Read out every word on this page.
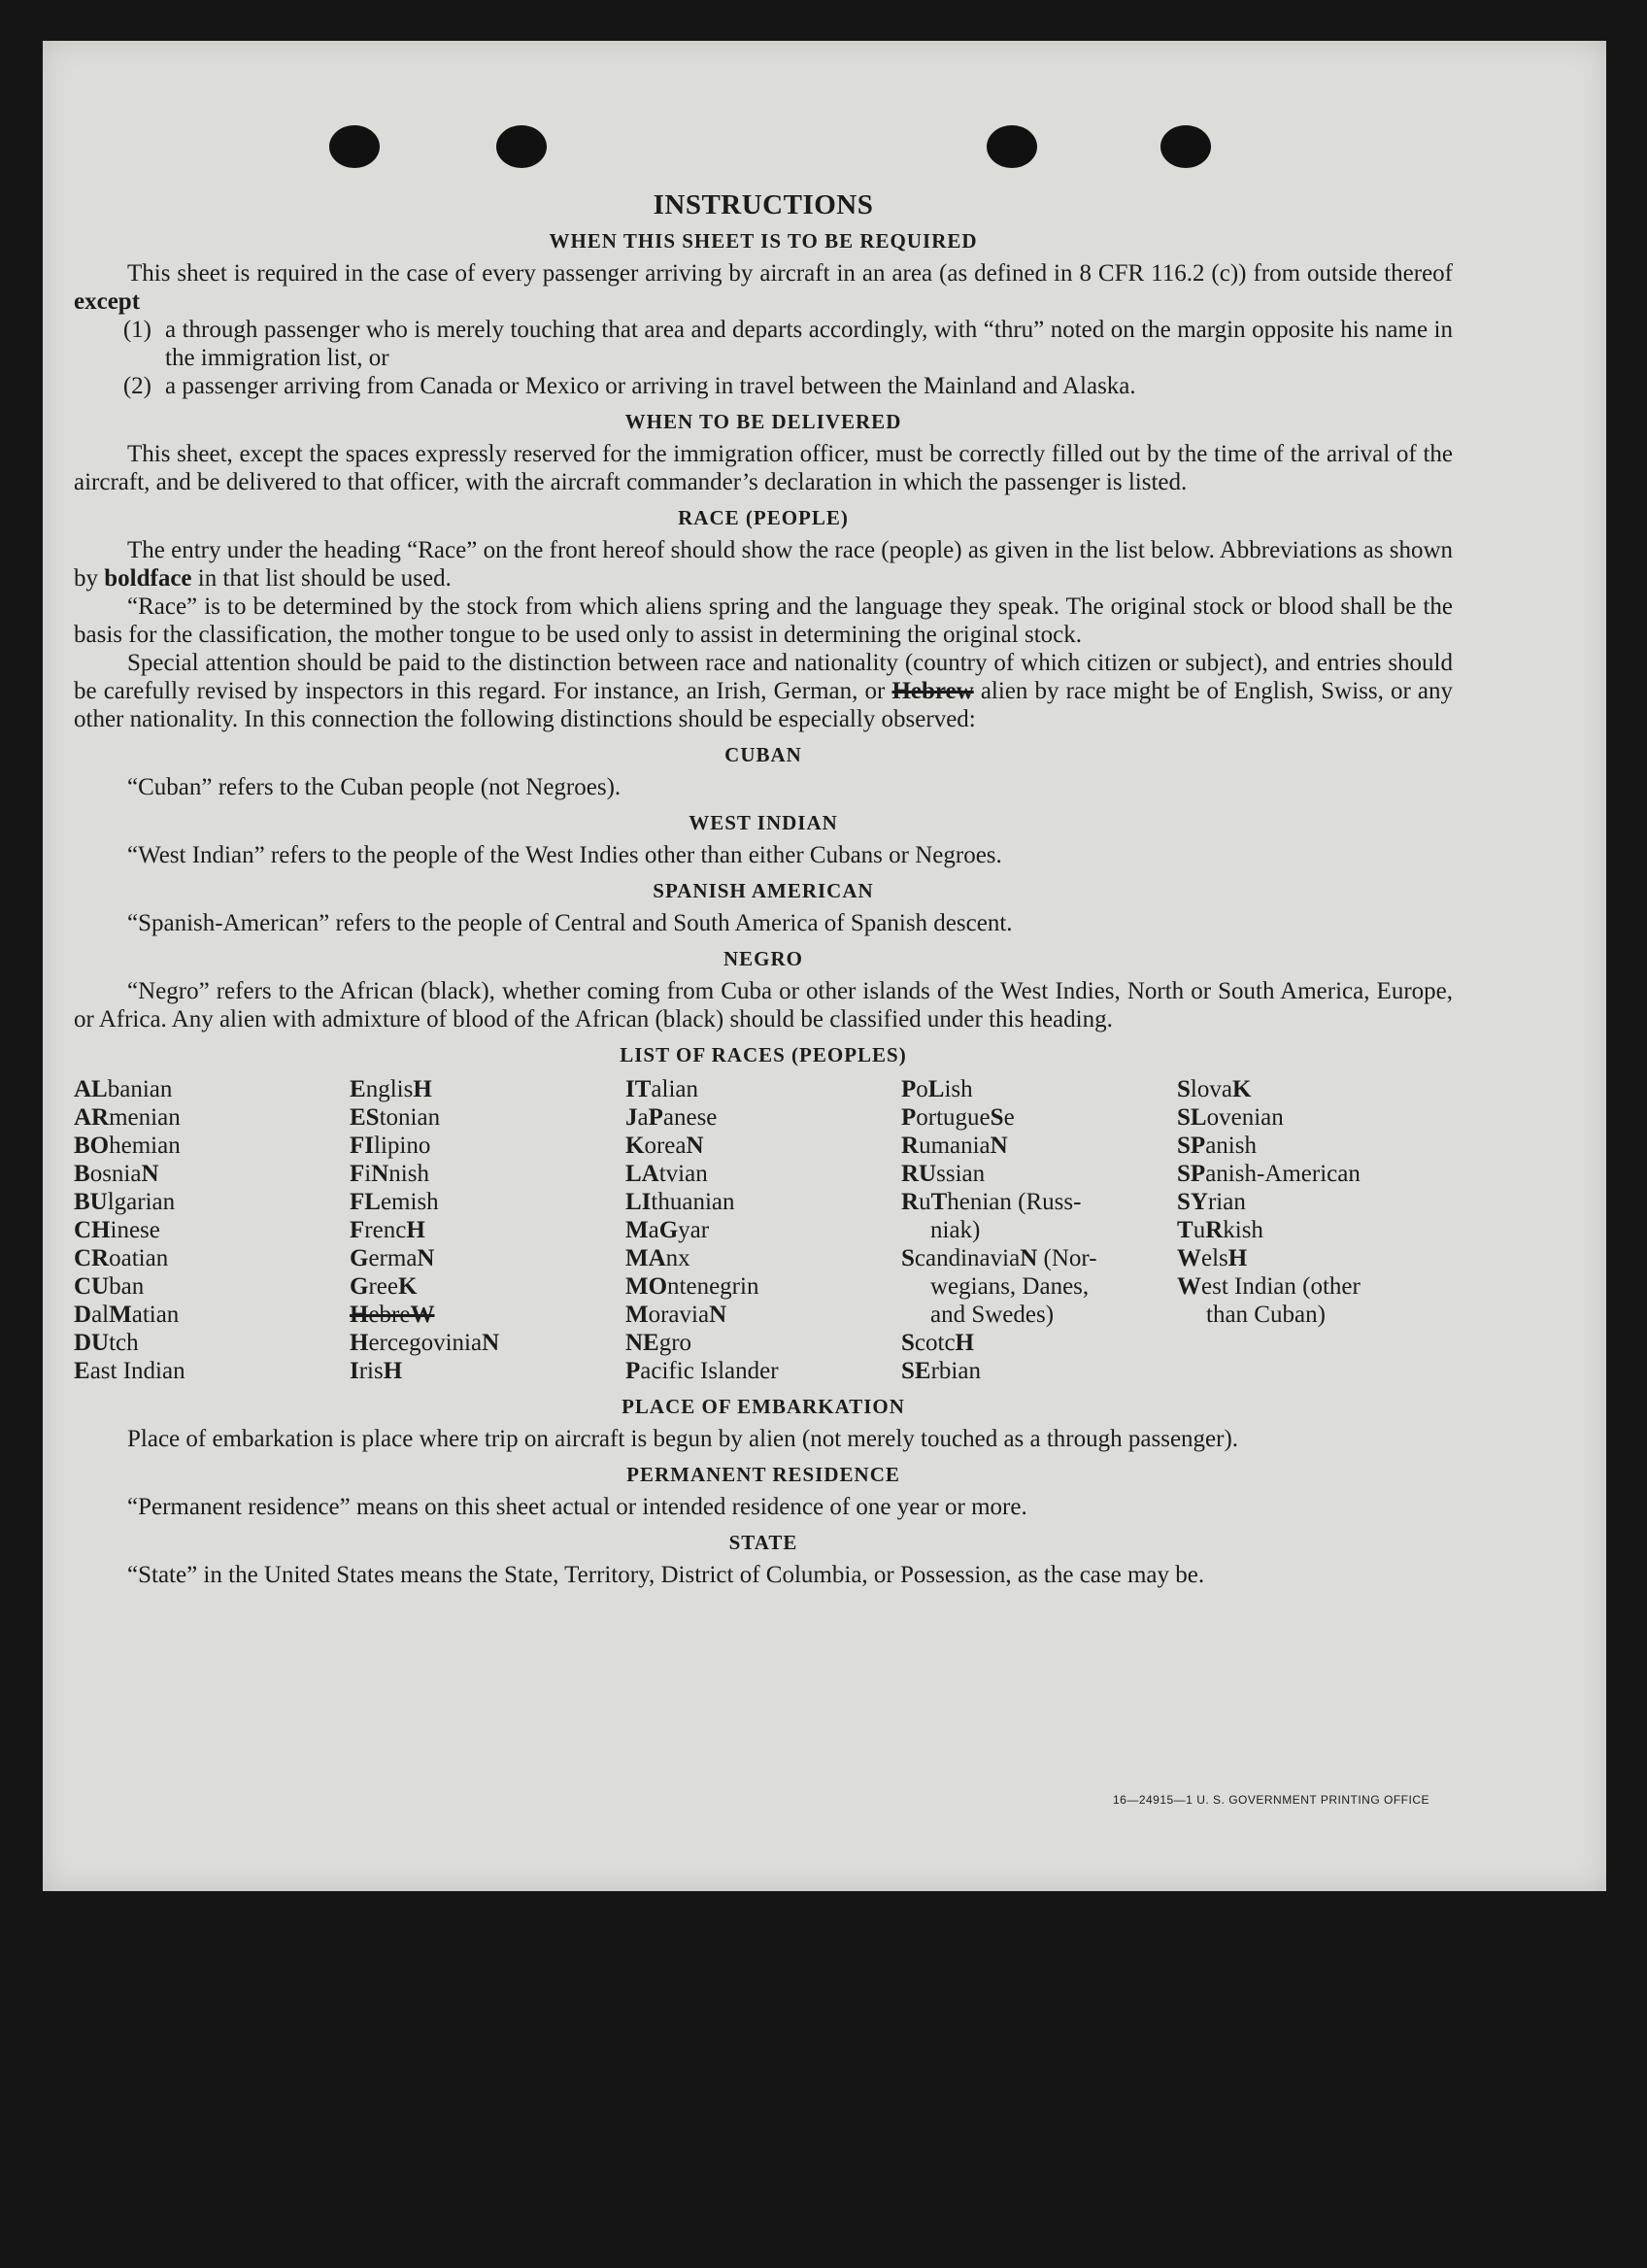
INSTRUCTIONS
WHEN THIS SHEET IS TO BE REQUIRED

This sheet is required in the case of every passenger arriving by aircraft in an area (as defined in 8 CFR 116.2 (c)) from outside thereof except

(1) a through passenger who is merely touching that area and departs accordingly, with “thru” noted on the margin opposite his name in the immigration list, or
(2) a passenger arriving from Canada or Mexico or arriving in travel between the Mainland and Alaska.
WHEN TO BE DELIVERED

This sheet, except the spaces expressly reserved for the immigration officer, must be correctly filled out by the time of the arrival of the aircraft, and be delivered to that officer, with the aircraft commander’s declaration in which the passenger is listed.

RACE (PEOPLE)

The entry under the heading “Race” on the front hereof should show the race (people) as given in the list below. Abbreviations as shown by boldface in that list should be used.

“Race” is to be determined by the stock from which aliens spring and the language they speak. The original stock or blood shall be the basis for the classification, the mother tongue to be used only to assist in determining the original stock.

Special attention should be paid to the distinction between race and nationality (country of which citizen or subject), and entries should be carefully revised by inspectors in this regard. For instance, an Irish, German, or Hebrew alien by race might be of English, Swiss, or any other nationality. In this connection the following distinctions should be especially observed:

CUBAN

“Cuban” refers to the Cuban people (not Negroes).

WEST INDIAN

“West Indian” refers to the people of the West Indies other than either Cubans or Negroes.

SPANISH AMERICAN

“Spanish-American” refers to the people of Central and South America of Spanish descent.

NEGRO

“Negro” refers to the African (black), whether coming from Cuba or other islands of the West Indies, North or South America, Europe, or Africa. Any alien with admixture of blood of the African (black) should be classified under this heading.

LIST OF RACES (PEOPLES)
ALbanian
ARmenian
BOhemian
BosniaN
BUlgarian
CHinese
CRoatian
CUban
DalMatian
DUtch
East Indian
EnglisH
EStonian
FIlipino
FiNnish
FLemish
FrencH
GermaN
GreeK
HebreW
HercegoviniaN
IrisH
ITalian
JaPanese
KoreaN
LAtvian
LIthuanian
MaGyar
MAnx
MOntenegrin
MoraviaN
NEgro
Pacific Islander
PoLish
PortugueSe
RumaniaN
RUssian
RuThenian (Russ-
niak)
ScandinaviaN (Nor-
wegians, Danes,
and Swedes)
ScotcH
SErbian
SlovaK
SLovenian
SPanish
SPanish-American
SYrian
TuRkish
WelsH
West Indian (other
than Cuban)
PLACE OF EMBARKATION

Place of embarkation is place where trip on aircraft is begun by alien (not merely touched as a through passenger).

PERMANENT RESIDENCE

“Permanent residence” means on this sheet actual or intended residence of one year or more.

STATE

“State” in the United States means the State, Territory, District of Columbia, or Possession, as the case may be.

16—24915—1 U. S. GOVERNMENT PRINTING OFFICE
